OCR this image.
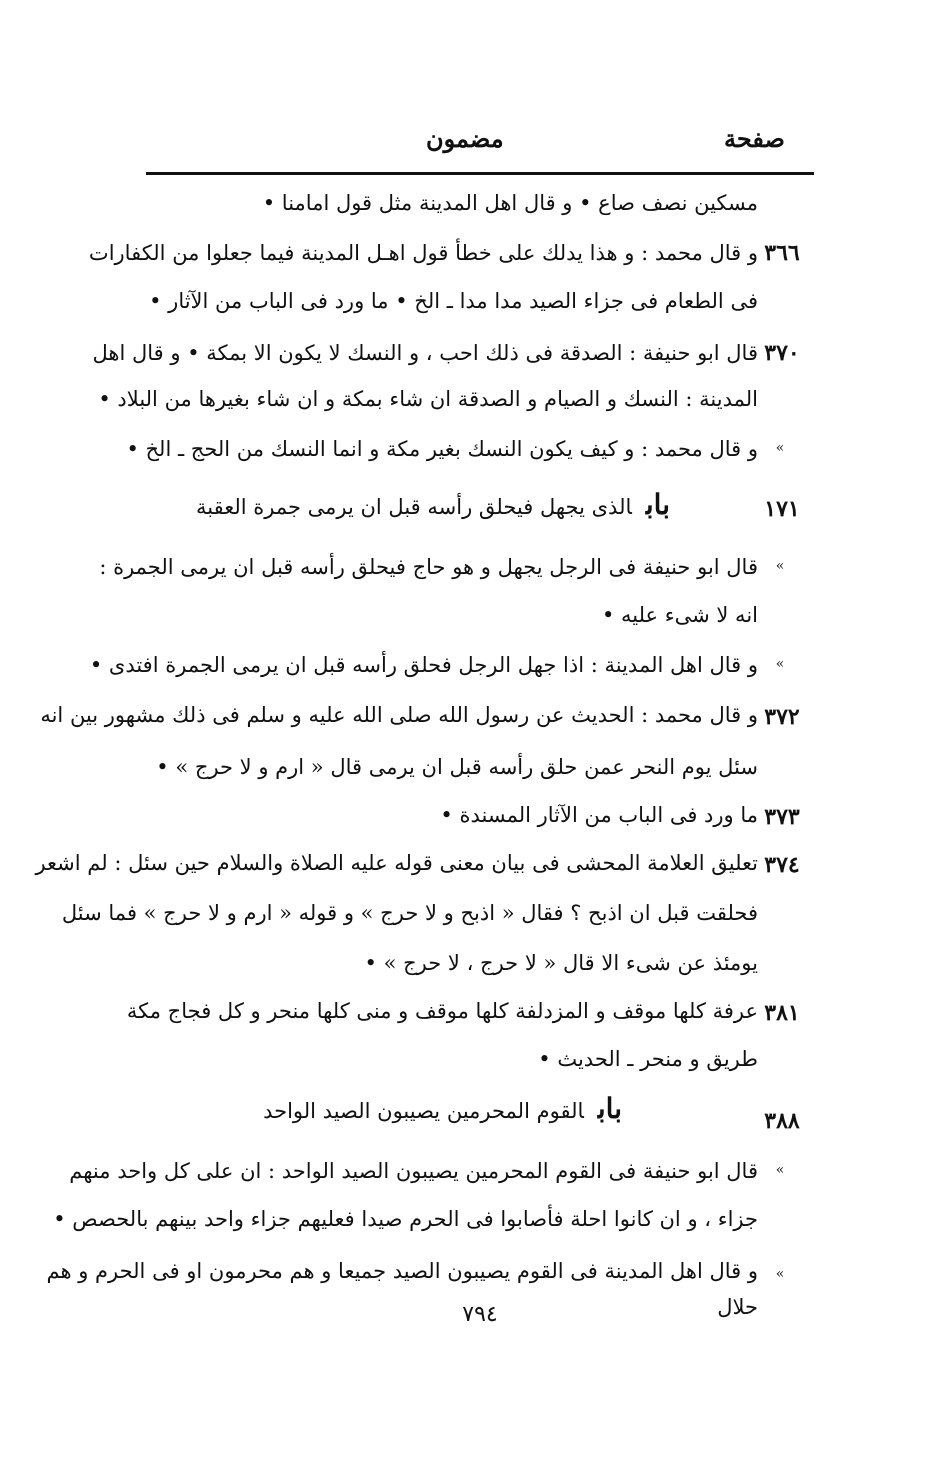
صفحة
مضمون
مسكين نصف صاع • و قال اهل المدينة مثل قول امامنا •
٣٦٦
و قال محمد : و هذا يدلك على خطأ قول اهـل المدينة فيما جعلوا من الكفارات
فى الطعام فى جزاء الصيد مدا مدا ـ الخ • ما ورد فى الباب من الآثار •
٣٧٠
قال ابو حنيفة : الصدقة فى ذلك احب ، و النسك لا يكون الا بمكة • و قال اهل
المدينة : النسك و الصيام و الصدقة ان شاء بمكة و ان شاء بغيرها من البلاد •
«
و قال محمد : و كيف يكون النسك بغير مكة و انما النسك من الحج ـ الخ •
١٧١
بابالذى يجهل فيحلق رأسه قبل ان يرمى جمرة العقبة
«
قال ابو حنيفة فى الرجل يجهل و هو حاج فيحلق رأسه قبل ان يرمى الجمرة :
انه لا شىء عليه •
«
و قال اهل المدينة : اذا جهل الرجل فحلق رأسه قبل ان يرمى الجمرة افتدى •
٣٧٢
و قال محمد : الحديث عن رسول الله صلى الله عليه و سلم فى ذلك مشهور بين انه
سئل يوم النحر عمن حلق رأسه قبل ان يرمى قال « ارم و لا حرج » •
٣٧٣
ما ورد فى الباب من الآثار المسندة •
٣٧٤
تعليق العلامة المحشى فى بيان معنى قوله عليه الصلاة والسلام حين سئل : لم اشعر
فحلقت قبل ان اذبح ؟ فقال « اذبح و لا حرج » و قوله « ارم و لا حرج » فما سئل
يومئذ عن شىء الا قال « لا حرج ، لا حرج » •
٣٨١
عرفة كلها موقف و المزدلفة كلها موقف و منى كلها منحر و كل فجاج مكة
طريق و منحر ـ الحديث •
٣٨٨
بابالقوم المحرمين يصيبون الصيد الواحد
«
قال ابو حنيفة فى القوم المحرمين يصيبون الصيد الواحد : ان على كل واحد منهم
جزاء ، و ان كانوا احلة فأصابوا فى الحرم صيدا فعليهم جزاء واحد بينهم بالحصص •
«
و قال اهل المدينة فى القوم يصيبون الصيد جميعا و هم محرمون او فى الحرم و هم
حلال
٧٩٤
